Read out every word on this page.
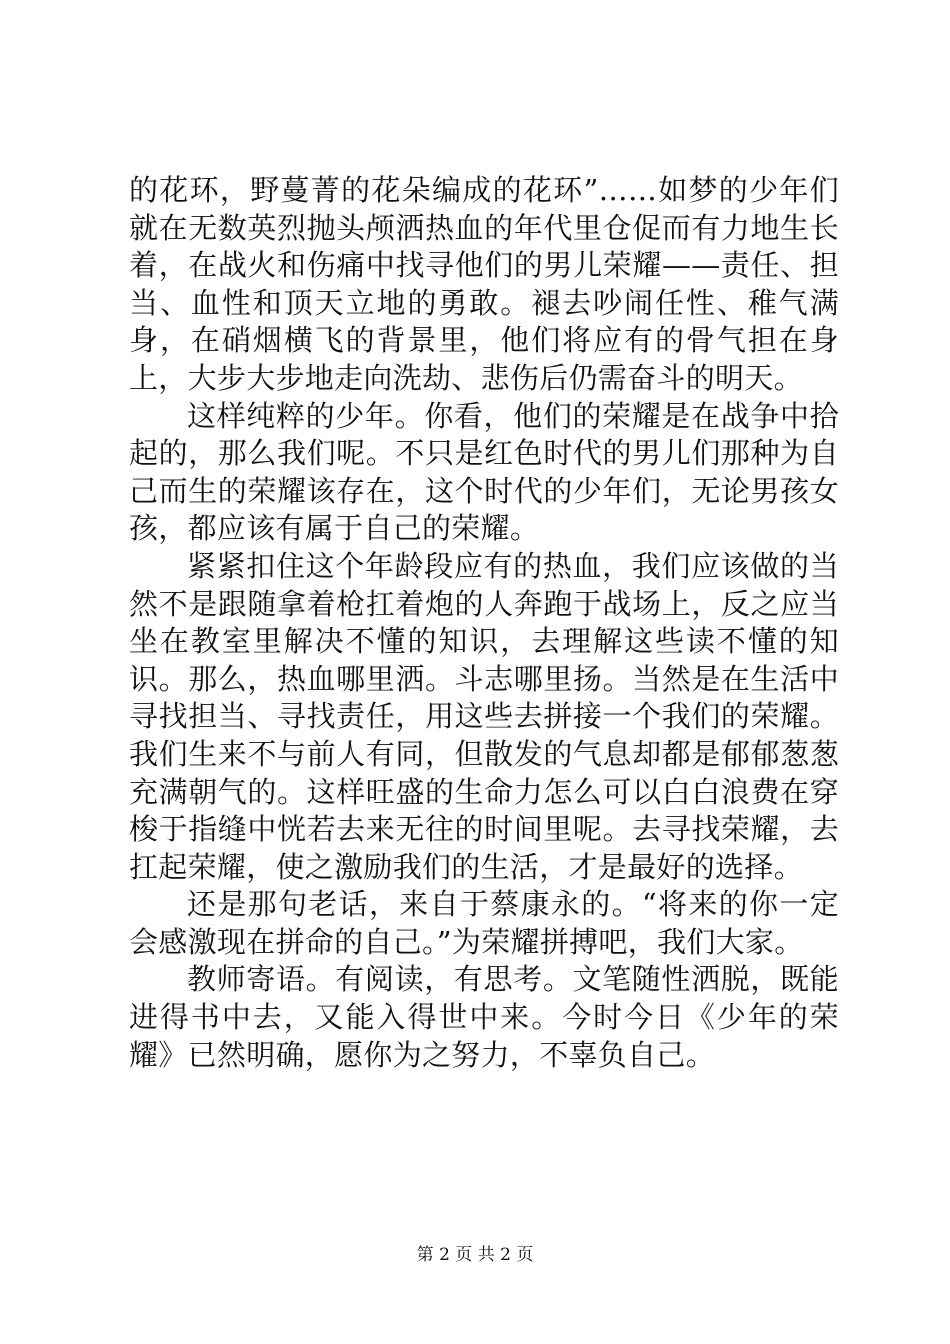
的花环，野蔓菁的花朵编成的花环”……如梦的少年们就在无数英烈抛头颅洒热血的年代里仓促而有力地生长着，在战火和伤痛中找寻他们的男儿荣耀——责任、担当、血性和顶天立地的勇敢。褪去吵闹任性、稚气满身，在硝烟横飞的背景里，他们将应有的骨气担在身上，大步大步地走向洗劫、悲伤后仍需奋斗的明天。

这样纯粹的少年。你看，他们的荣耀是在战争中拾起的，那么我们呢。不只是红色时代的男儿们那种为自己而生的荣耀该存在，这个时代的少年们，无论男孩女孩，都应该有属于自己的荣耀。

紧紧扣住这个年龄段应有的热血，我们应该做的当然不是跟随拿着枪扛着炮的人奔跑于战场上，反之应当坐在教室里解决不懂的知识，去理解这些读不懂的知识。那么，热血哪里洒。斗志哪里扬。当然是在生活中寻找担当、寻找责任，用这些去拼接一个我们的荣耀。我们生来不与前人有同，但散发的气息却都是郁郁葱葱充满朝气的。这样旺盛的生命力怎么可以白白浪费在穿梭于指缝中恍若去来无往的时间里呢。去寻找荣耀，去扛起荣耀，使之激励我们的生活，才是最好的选择。

还是那句老话，来自于蔡康永的。“将来的你一定会感激现在拼命的自己。”为荣耀拼搏吧，我们大家。

教师寄语。有阅读，有思考。文笔随性洒脱，既能进得书中去，又能入得世中来。今时今日《少年的荣耀》已然明确，愿你为之努力，不辜负自己。

第 2 页 共 2 页
